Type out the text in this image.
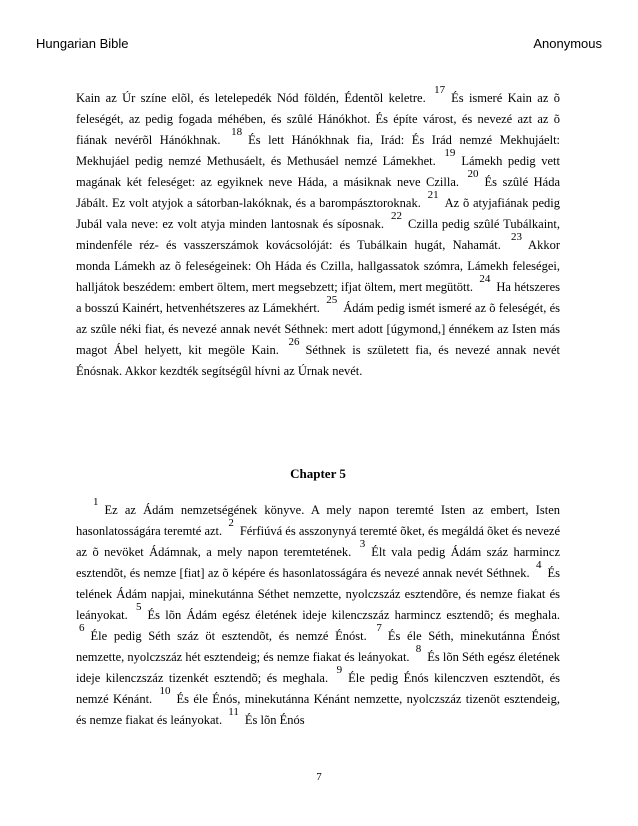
Hungarian Bible	Anonymous

Kain az Úr színe elõl, és letelepedék Nód földén, Édentõl keletre. $^{17}$És ismeré Kain az õ feleségét, az pedig fogada méhében, és szûlé Hánókhot. És építe várost, és nevezé azt az õ fiának nevérõl Hánókhnak. $^{18}$És lett Hánókhnak fia, Irád: És Irád nemzé Mekhujáelt: Mekhujáel pedig nemzé Methusáelt, és Methusáel nemzé Lámekhet. $^{19}$Lámekh pedig vett magának két feleséget: az egyiknek neve Háda, a másiknak neve Czilla. $^{20}$És szûlé Háda Jábált. Ez volt atyjok a sátorban-lakóknak, és a barompásztoroknak. $^{21}$Az õ atyjafiának pedig Jubál vala neve: ez volt atyja minden lantosnak és síposnak. $^{22}$Czilla pedig szûlé Tubálkaint, mindenféle réz- és vasszerszámok kovácsolóját: és Tubálkain hugát, Nahamát. $^{23}$Akkor monda Lámekh az õ feleségeinek: Oh Háda és Czilla, hallgassatok szómra, Lámekh feleségei, halljátok beszédem: embert öltem, mert megsebzett; ifjat öltem, mert megütött. $^{24}$Ha hétszeres a bosszú Kainért, hetvenhétszeres az Lámekhért. $^{25}$Ádám pedig ismét ismeré az õ feleségét, és az szûle néki fiat, és nevezé annak nevét Séthnek: mert adott [úgymond,] énnékem az Isten más magot Ábel helyett, kit megöle Kain. $^{26}$Séthnek is született fia, és nevezé annak nevét Énósnak. Akkor kezdték segítségûl hívni az Úrnak nevét.

Chapter 5

$^1$Ez az Ádám nemzetségének könyve. A mely napon teremté Isten az embert, Isten hasonlatosságára teremté azt. $^2$Férfiúvá és asszonynyá teremté õket, és megáldá õket és nevezé az õ nevöket Ádámnak, a mely napon teremtetének. $^3$Élt vala pedig Ádám száz harmincz esztendõt, és nemze [fiat] az õ képére és hasonlatosságára és nevezé annak nevét Séthnek. $^4$És telének Ádám napjai, minekutánna Séthet nemzette, nyolczszáz esztendõre, és nemze fiakat és leányokat. $^5$És lõn Ádám egész életének ideje kilenczszáz harmincz esztendõ; és meghala. $^6$Éle pedig Séth száz öt esztendõt, és nemzé Énóst. $^7$És éle Séth, minekutánna Énóst nemzette, nyolczszáz hét esztendeig; és nemze fiakat és leányokat. $^8$És lõn Séth egész életének ideje kilenczszáz tizenkét esztendõ; és meghala. $^9$Éle pedig Énós kilenczven esztendõt, és nemzé Kénánt. $^{10}$És éle Énós, minekutánna Kénánt nemzette, nyolczszáz tizenöt esztendeig, és nemze fiakat és leányokat. $^{11}$És lõn Énós

7
